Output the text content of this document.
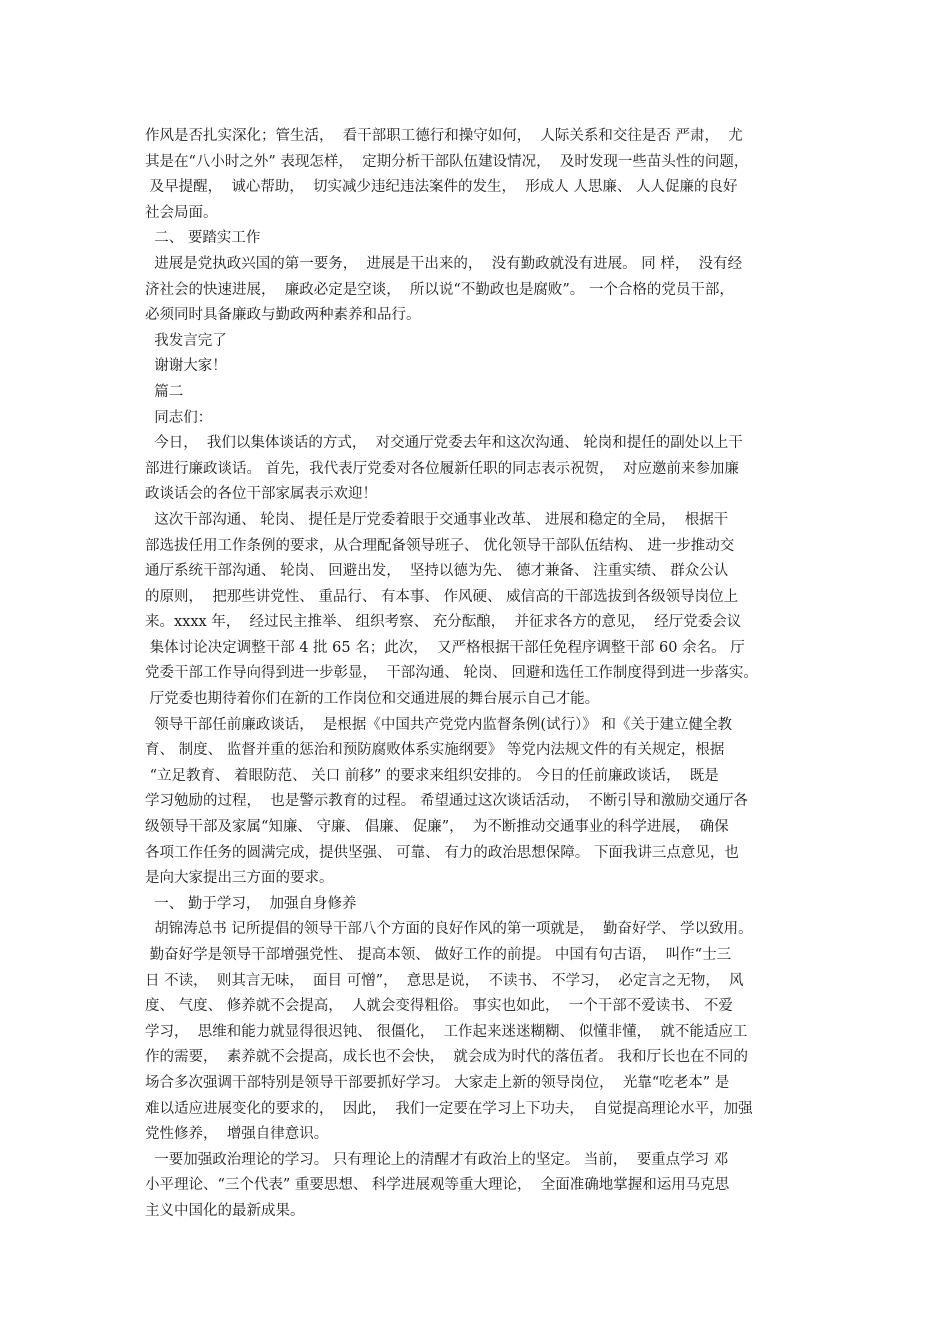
作风是否扎实深化；管生活，  看干部职工德行和操守如何，  人际关系和交往是否 严肃，  尤
其是在“八小时之外” 表现怎样，  定期分析干部队伍建设情况，  及时发现一些苗头性的问题，
及早提醒，  诚心帮助，  切实减少违纪违法案件的发生，  形成人 人思廉、 人人促廉的良好
社会局面。
二、 要踏实工作
进展是党执政兴国的第一要务，  进展是干出来的，  没有勤政就没有进展。 同 样，  没有经
济社会的快速进展，  廉政必定是空谈，  所以说“不勤政也是腐败”。 一个合格的党员干部，
必须同时具备廉政与勤政两种素养和品行。
我发言完了
谢谢大家！
篇二
同志们：
今日，  我们以集体谈话的方式，  对交通厅党委去年和这次沟通、 轮岗和提任的副处以上干
部进行廉政谈话。 首先，我代表厅党委对各位履新任职的同志表示祝贺，  对应邀前来参加廉
政谈话会的各位干部家属表示欢迎！
这次干部沟通、 轮岗、 提任是厅党委着眼于交通事业改革、 进展和稳定的全局，  根据干
部选拔任用工作条例的要求，从合理配备领导班子、 优化领导干部队伍结构、 进一步推动交
通厅系统干部沟通、 轮岗、 回避出发，  坚持以德为先、 德才兼备、 注重实绩、 群众公认
的原则，  把那些讲党性、 重品行、 有本事、 作风硬、 威信高的干部选拔到各级领导岗位上
来。xxxx 年，  经过民主推举、 组织考察、 充分酝酿，  并征求各方的意见，  经厅党委会议
集体讨论决定调整干部 4 批 65 名；此次，  又严格根据干部任免程序调整干部 60 余名。 厅
党委干部工作导向得到进一步彰显，  干部沟通、 轮岗、 回避和选任工作制度得到进一步落实。
厅党委也期待着你们在新的工作岗位和交通进展的舞台展示自己才能。
领导干部任前廉政谈话，  是根据《中国共产党党内监督条例(试行）》 和《关于建立健全教
育、 制度、 监督并重的惩治和预防腐败体系实施纲要》 等党内法规文件的有关规定，根据
“立足教育、 着眼防范、 关口 前移” 的要求来组织安排的。 今日的任前廉政谈话，  既是
学习勉励的过程，  也是警示教育的过程。 希望通过这次谈话活动，  不断引导和激励交通厅各
级领导干部及家属“知廉、 守廉、 倡廉、 促廉”，  为不断推动交通事业的科学进展，  确保
各项工作任务的圆满完成，提供坚强、 可靠、 有力的政治思想保障。 下面我讲三点意见，也
是向大家提出三方面的要求。
一、 勤于学习，  加强自身修养
胡锦涛总书 记所提倡的领导干部八个方面的良好作风的第一项就是，  勤奋好学、 学以致用。
勤奋好学是领导干部增强党性、 提高本领、 做好工作的前提。 中国有句古语，  叫作“士三
日 不读，  则其言无味，  面目 可憎”，  意思是说，  不读书、 不学习，  必定言之无物，  风
度、 气度、 修养就不会提高，  人就会变得粗俗。 事实也如此，  一个干部不爱读书、 不爱
学习，  思维和能力就显得很迟钝、 很僵化，  工作起来迷迷糊糊、 似懂非懂，  就不能适应工
作的需要，  素养就不会提高，成长也不会快，  就会成为时代的落伍者。 我和厅长也在不同的
场合多次强调干部特别是领导干部要抓好学习。 大家走上新的领导岗位，  光靠“吃老本” 是
难以适应进展变化的要求的，  因此，  我们一定要在学习上下功夫，  自觉提高理论水平，加强
党性修养，  增强自律意识。
一要加强政治理论的学习。 只有理论上的清醒才有政治上的坚定。 当前，  要重点学习 邓
小平理论、“三个代表” 重要思想、 科学进展观等重大理论，  全面准确地掌握和运用马克思
主义中国化的最新成果。
